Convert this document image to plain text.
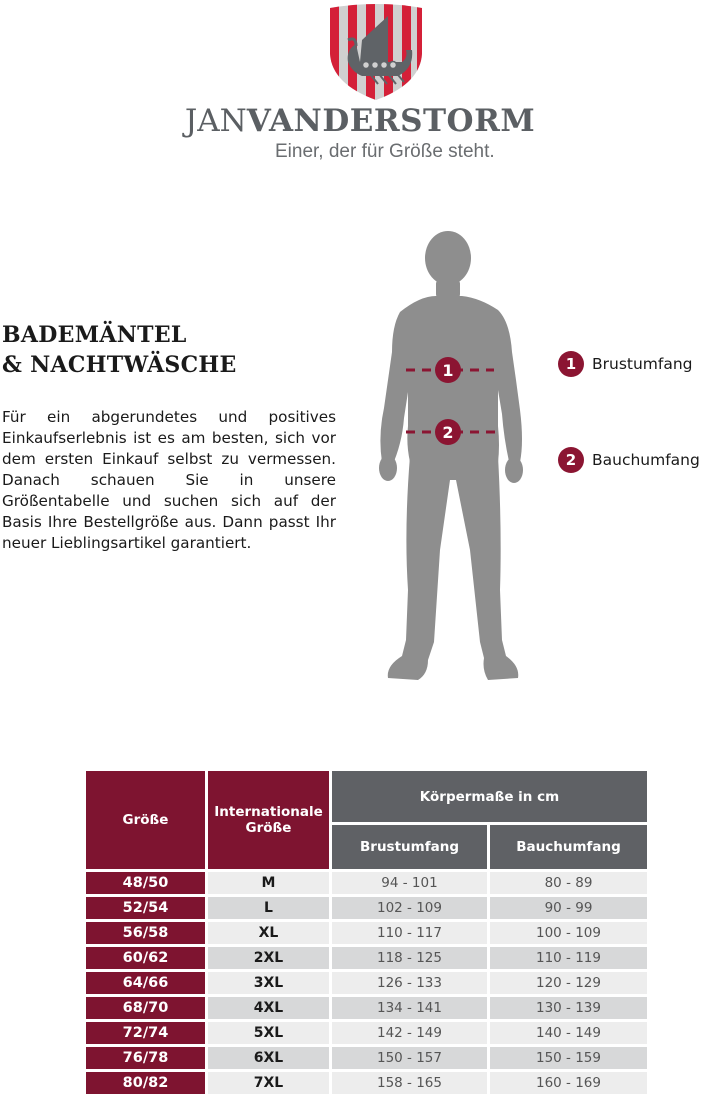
JANVANDERSTORM
Einer, der für Größe steht.
BADEMÄNTEL
& NACHTWÄSCHE
Für ein abgerundetes und positives Einkaufserlebnis ist es am besten, sich vor dem ersten Einkauf selbst zu vermessen. Danach schauen Sie in unsere Größentabelle und suchen sich auf der Basis Ihre Bestellgröße aus. Dann passt Ihr neuer Lieblingsartikel garantiert.
1
2
1	Brustumfang
2	Bauchumfang
Größe	Internationale Größe	Körpermaße in cm	
		Brustumfang	Bauchumfang
48/50	M	94 - 101	80 - 89
52/54	L	102 - 109	90 - 99
56/58	XL	110 - 117	100 - 109
60/62	2XL	118 - 125	110 - 119
64/66	3XL	126 - 133	120 - 129
68/70	4XL	134 - 141	130 - 139
72/74	5XL	142 - 149	140 - 149
76/78	6XL	150 - 157	150 - 159
80/82	7XL	158 - 165	160 - 169
